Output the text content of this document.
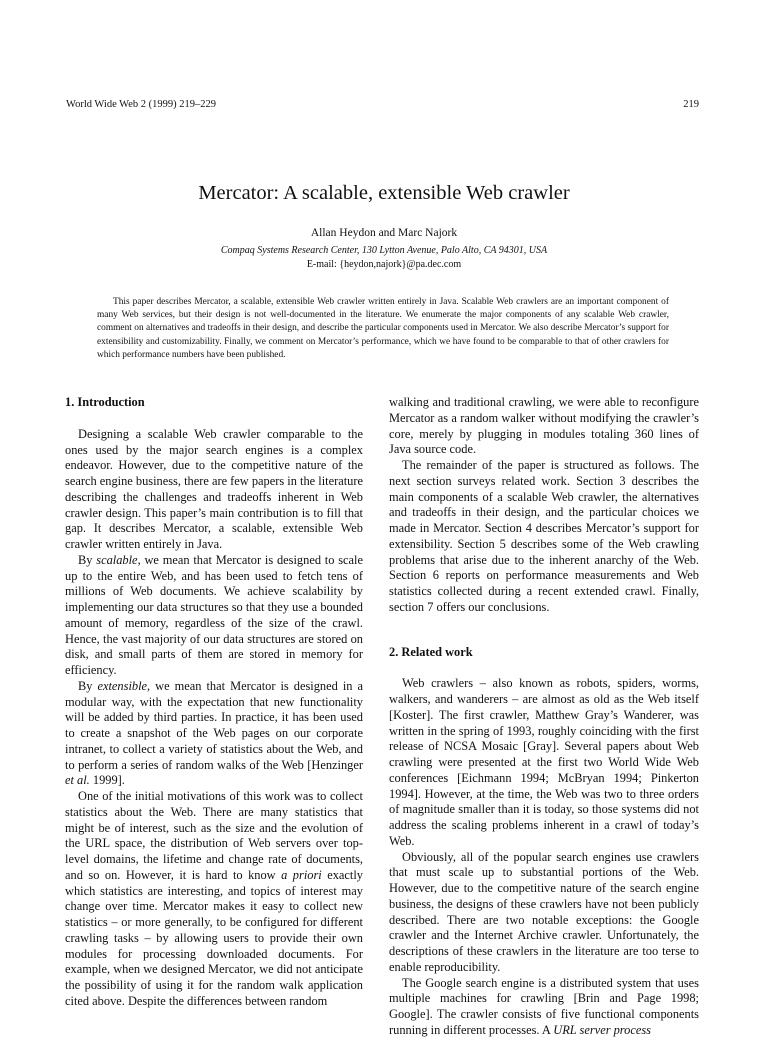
World Wide Web 2 (1999) 219–229	219
Mercator: A scalable, extensible Web crawler
Allan Heydon and Marc Najork
Compaq Systems Research Center, 130 Lytton Avenue, Palo Alto, CA 94301, USA
E-mail: {heydon,najork}@pa.dec.com

This paper describes Mercator, a scalable, extensible Web crawler written entirely in Java. Scalable Web crawlers are an important component of many Web services, but their design is not well-documented in the literature. We enumerate the major components of any scalable Web crawler, comment on alternatives and tradeoffs in their design, and describe the particular components used in Mercator. We also describe Mercator’s support for extensibility and customizability. Finally, we comment on Mercator’s performance, which we have found to be comparable to that of other crawlers for which performance numbers have been published.

1. Introduction

Designing a scalable Web crawler comparable to the ones used by the major search engines is a complex endeavor. However, due to the competitive nature of the search engine business, there are few papers in the literature describing the challenges and tradeoffs inherent in Web crawler design. This paper’s main contribution is to fill that gap. It describes Mercator, a scalable, extensible Web crawler written entirely in Java.

By scalable, we mean that Mercator is designed to scale up to the entire Web, and has been used to fetch tens of millions of Web documents. We achieve scalability by implementing our data structures so that they use a bounded amount of memory, regardless of the size of the crawl. Hence, the vast majority of our data structures are stored on disk, and small parts of them are stored in memory for efficiency.

By extensible, we mean that Mercator is designed in a modular way, with the expectation that new functionality will be added by third parties. In practice, it has been used to create a snapshot of the Web pages on our corporate intranet, to collect a variety of statistics about the Web, and to perform a series of random walks of the Web [Henzinger et al. 1999].

One of the initial motivations of this work was to collect statistics about the Web. There are many statistics that might be of interest, such as the size and the evolution of the URL space, the distribution of Web servers over top-level domains, the lifetime and change rate of documents, and so on. However, it is hard to know a priori exactly which statistics are interesting, and topics of interest may change over time. Mercator makes it easy to collect new statistics – or more generally, to be configured for different crawling tasks – by allowing users to provide their own modules for processing downloaded documents. For example, when we designed Mercator, we did not anticipate the possibility of using it for the random walk application cited above. Despite the differences between random

walking and traditional crawling, we were able to reconfigure Mercator as a random walker without modifying the crawler’s core, merely by plugging in modules totaling 360 lines of Java source code.

The remainder of the paper is structured as follows. The next section surveys related work. Section 3 describes the main components of a scalable Web crawler, the alternatives and tradeoffs in their design, and the particular choices we made in Mercator. Section 4 describes Mercator’s support for extensibility. Section 5 describes some of the Web crawling problems that arise due to the inherent anarchy of the Web. Section 6 reports on performance measurements and Web statistics collected during a recent extended crawl. Finally, section 7 offers our conclusions.

2. Related work

Web crawlers – also known as robots, spiders, worms, walkers, and wanderers – are almost as old as the Web itself [Koster]. The first crawler, Matthew Gray’s Wanderer, was written in the spring of 1993, roughly coinciding with the first release of NCSA Mosaic [Gray]. Several papers about Web crawling were presented at the first two World Wide Web conferences [Eichmann 1994; McBryan 1994; Pinkerton 1994]. However, at the time, the Web was two to three orders of magnitude smaller than it is today, so those systems did not address the scaling problems inherent in a crawl of today’s Web.

Obviously, all of the popular search engines use crawlers that must scale up to substantial portions of the Web. However, due to the competitive nature of the search engine business, the designs of these crawlers have not been publicly described. There are two notable exceptions: the Google crawler and the Internet Archive crawler. Unfortunately, the descriptions of these crawlers in the literature are too terse to enable reproducibility.

The Google search engine is a distributed system that uses multiple machines for crawling [Brin and Page 1998; Google]. The crawler consists of five functional components running in different processes. A URL server process
